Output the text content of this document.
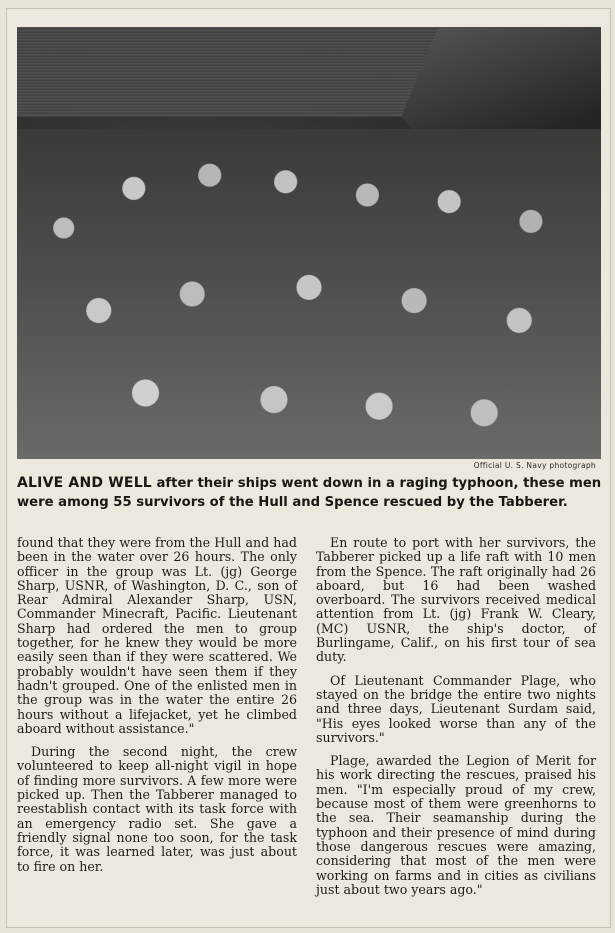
Official U. S. Navy photograph
ALIVE AND WELL after their ships went down in a raging typhoon, these men were among 55 survivors of the Hull and Spence rescued by the Tabberer.

found that they were from the Hull and had been in the water over 26 hours. The only officer in the group was Lt. (jg) George Sharp, USNR, of Washington, D. C., son of Rear Admiral Alexander Sharp, USN, Commander Minecraft, Pacific. Lieutenant Sharp had ordered the men to group together, for he knew they would be more easily seen than if they were scattered. We probably wouldn't have seen them if they hadn't grouped. One of the enlisted men in the group was in the water the entire 26 hours without a lifejacket, yet he climbed aboard without assistance."

During the second night, the crew volunteered to keep all-night vigil in hope of finding more survivors. A few more were picked up. Then the Tabberer managed to reestablish contact with its task force with an emergency radio set. She gave a friendly signal none too soon, for the task force, it was learned later, was just about to fire on her.

En route to port with her survivors, the Tabberer picked up a life raft with 10 men from the Spence. The raft originally had 26 aboard, but 16 had been washed overboard. The survivors received medical attention from Lt. (jg) Frank W. Cleary, (MC) USNR, the ship's doctor, of Burlingame, Calif., on his first tour of sea duty.

Of Lieutenant Commander Plage, who stayed on the bridge the entire two nights and three days, Lieutenant Surdam said, "His eyes looked worse than any of the survivors."

Plage, awarded the Legion of Merit for his work directing the rescues, praised his men. "I'm especially proud of my crew, because most of them were greenhorns to the sea. Their seamanship during the typhoon and their presence of mind during those dangerous rescues were amazing, considering that most of the men were working on farms and in cities as civilians just about two years ago."
